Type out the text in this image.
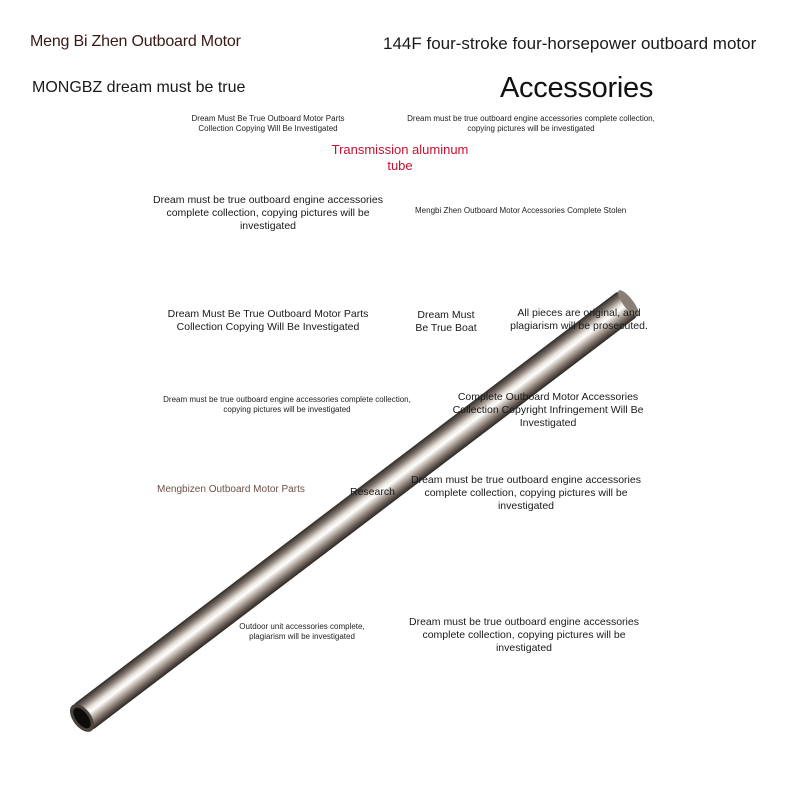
Meng Bi Zhen Outboard Motor	144F four-stroke four-horsepower outboard motor
MONGBZ dream must be true	Accessories
Transmission aluminum tube
Dream Must Be True Outboard Motor Parts Collection Copying Will Be Investigated
Dream must be true outboard engine accessories complete collection, copying pictures will be investigated
Dream must be true outboard engine accessories complete collection, copying pictures will be investigated
Mengbi Zhen Outboard Motor Accessories Complete Stolen
Dream Must Be True Outboard Motor Parts Collection Copying Will Be Investigated
Dream Must Be True Boat
All pieces are original, and plagiarism will be prosecuted.
Dream must be true outboard engine accessories complete collection, copying pictures will be investigated
Complete Outboard Motor Accessories Collection Copyright Infringement Will Be Investigated
Mengbizen Outboard Motor Parts	Research
Dream must be true outboard engine accessories complete collection, copying pictures will be investigated
Outdoor unit accessories complete, plagiarism will be investigated
Dream must be true outboard engine accessories complete collection, copying pictures will be investigated
